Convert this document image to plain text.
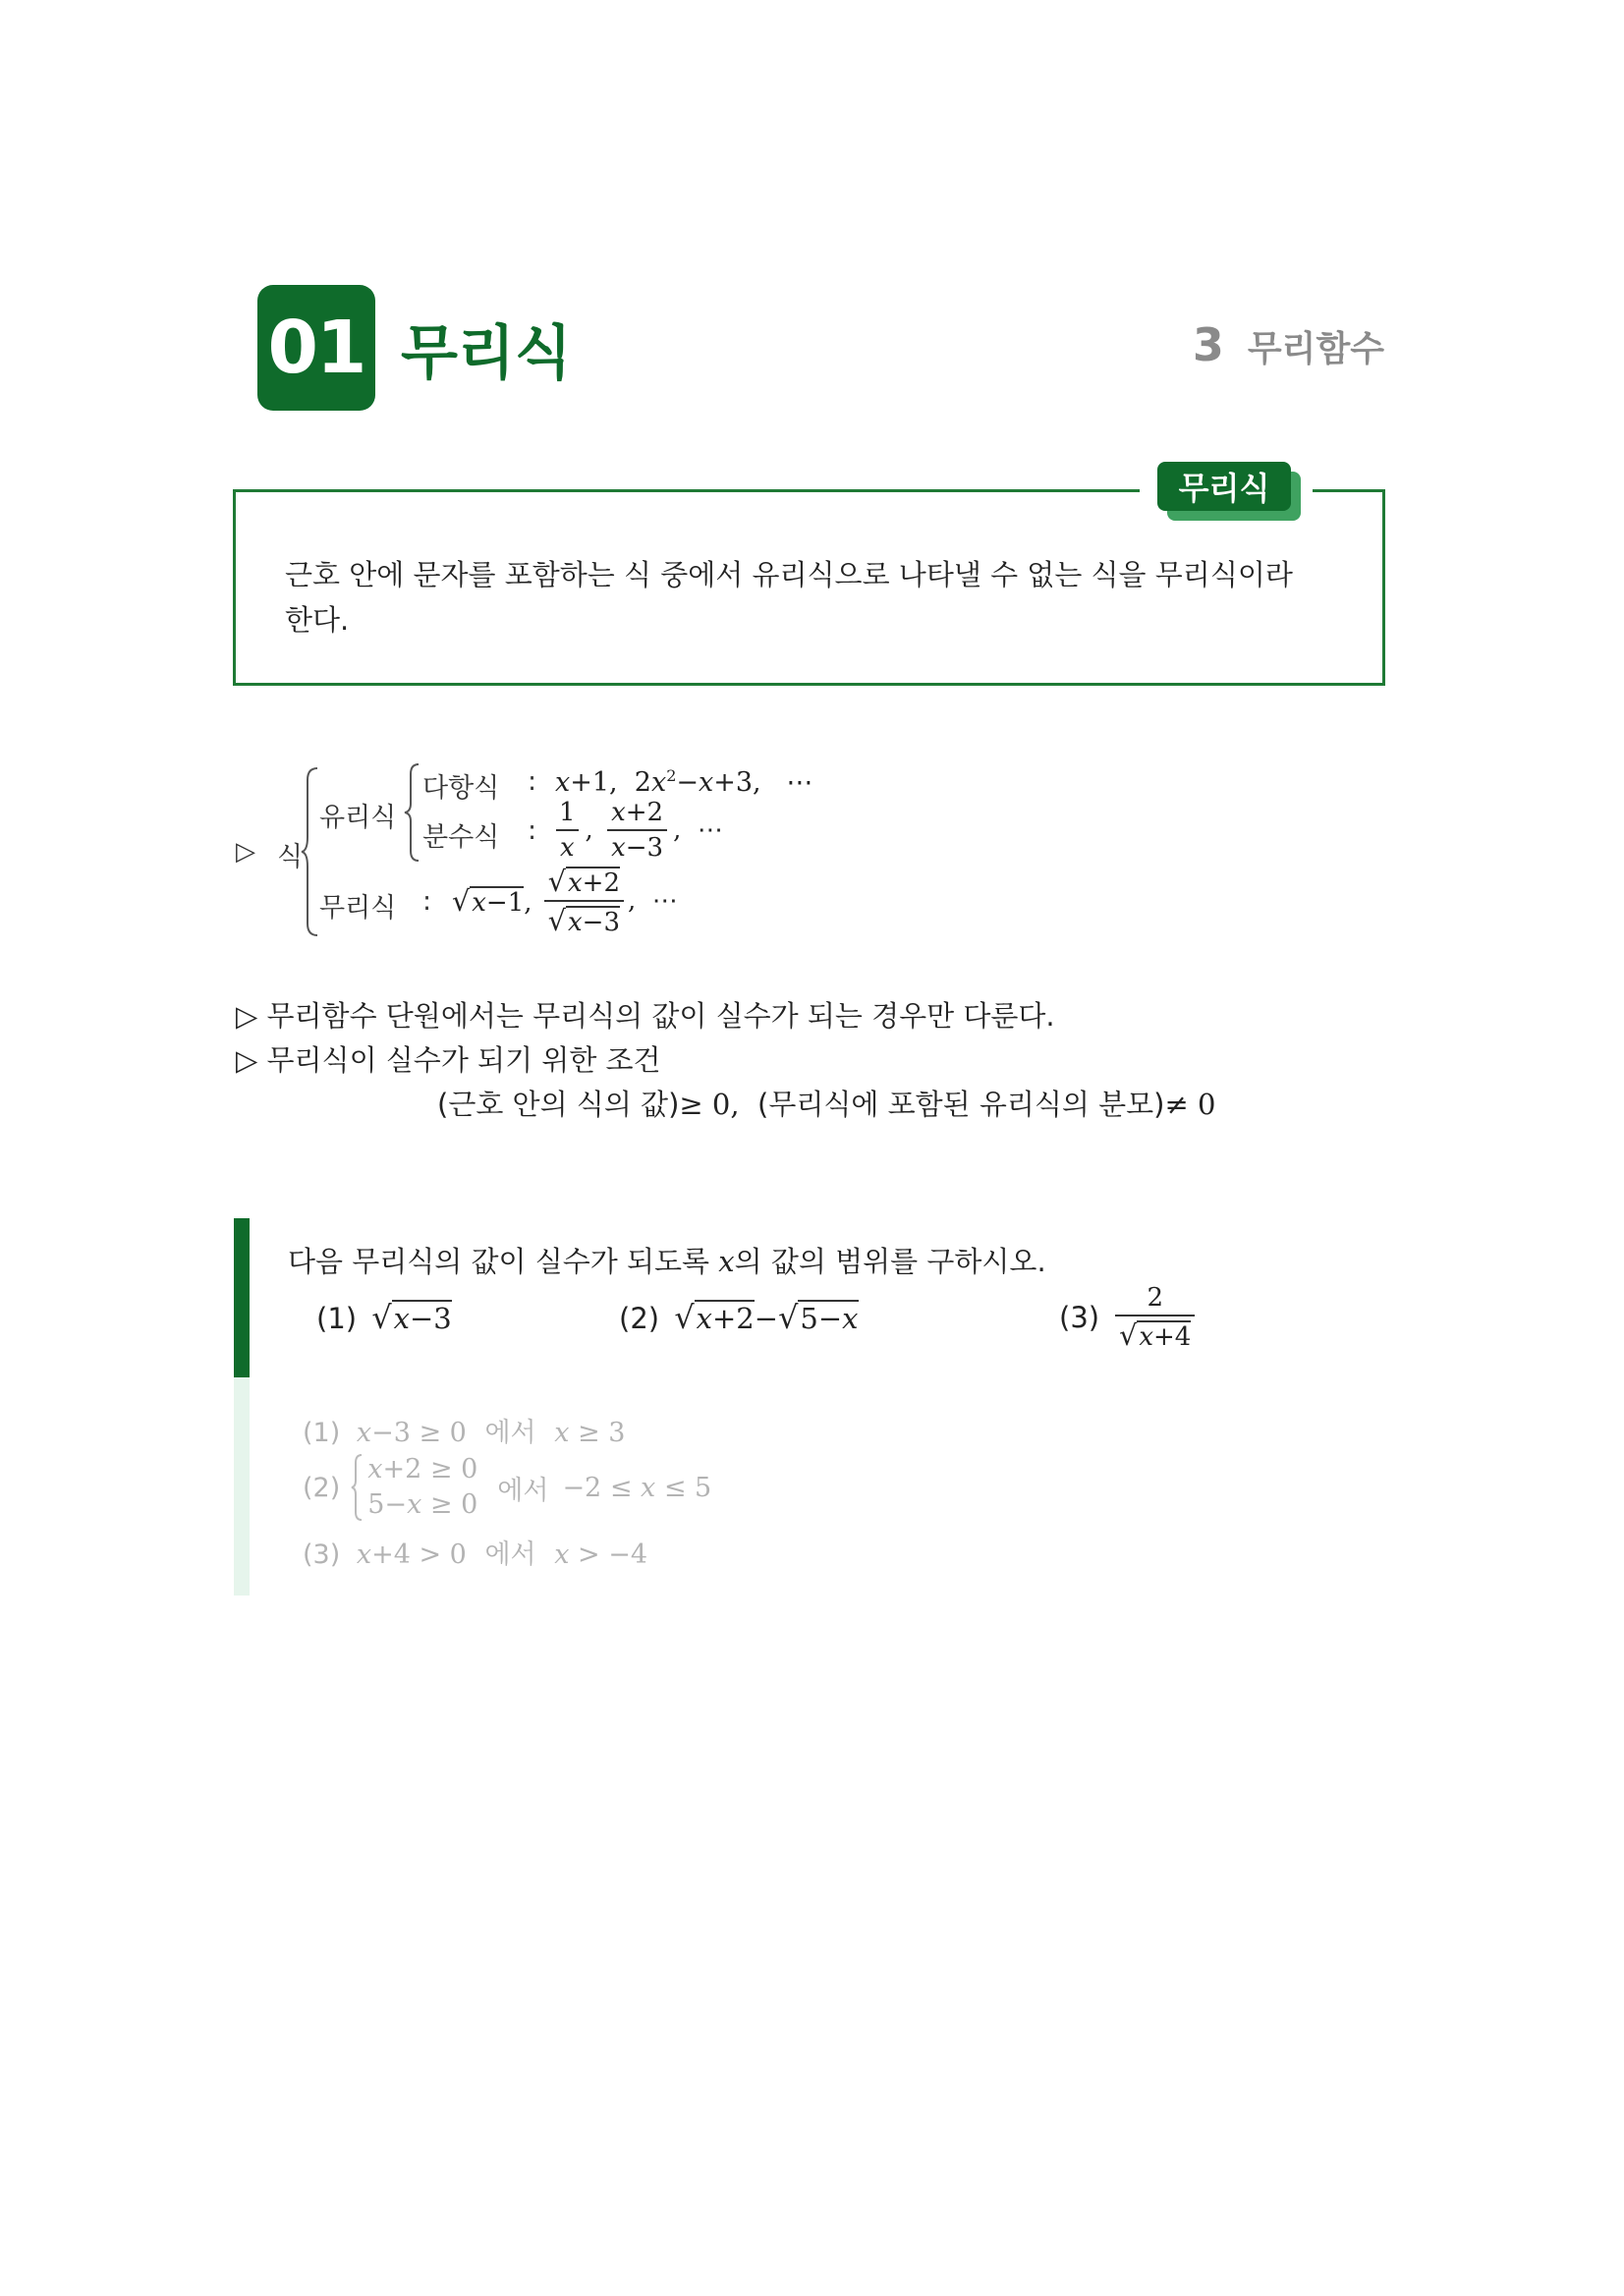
01 무리식	3 무리함수
무리식
근호 안에 문자를 포함하는 식 중에서 유리식으로 나타낼 수 없는 식을 무리식이라
한다.
▷ 식
유리식
다항식 : x+1,  $2x^2-x+3$,   ⋯
분수식 : $\frac{1}{x}$ , $\frac{x+2}{x-3}$ ,  ⋯
무리식 : √x−1, $\frac{√x+2}{√x-3}$ ,  ⋯
▷ 무리함수 단원에서는 무리식의 값이 실수가 되는 경우만 다룬다.
▷ 무리식이 실수가 되기 위한 조건
(근호 안의 식의 값)≥ 0,  (무리식에 포함된 유리식의 분모)≠ 0
다음 무리식의 값이 실수가 되도록 x의 값의 범위를 구하시오.
(1) √x−3	(2) √x+2−√5−x	$(3) \frac{2}{√x+4}$
(1) x−3 ≥ 0 에서 x ≥ 3
(2)
x+2 ≥ 0
5−x ≥ 0 에서 −2 ≤ x ≤ 5
(3) x+4 > 0 에서 x > −4
